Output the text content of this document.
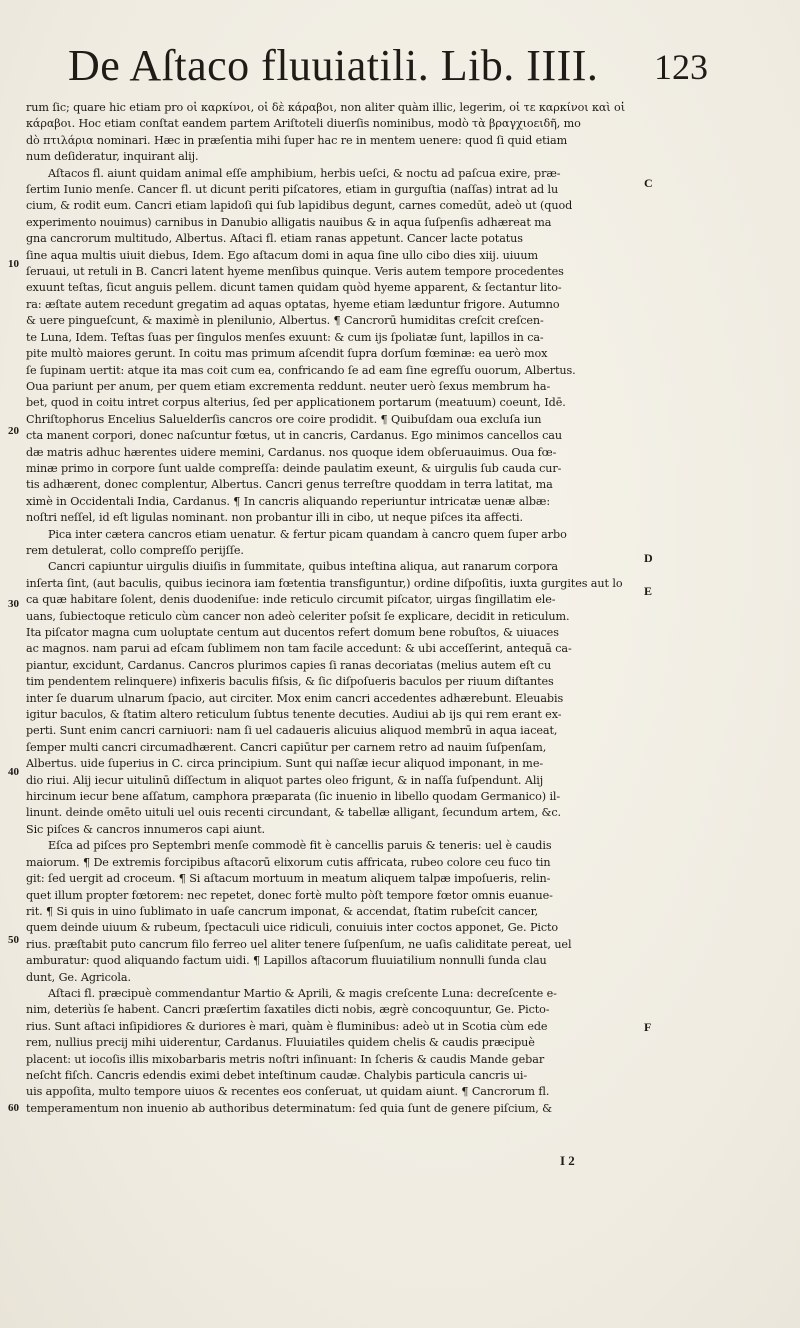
De Aſtaco fluuiatili. Lib. IIII. 123
10
20
30
40
50
60
C
D
E
F
rum ſic; quare hic etiam pro οἱ καρκίνοι, οἱ δὲ κάραβοι, non aliter quàm illic, legerim, οἱ τε καρκίνοι καὶ οἱ
κάραβοι. Hoc etiam conſtat eandem partem Ariſtoteli diuerſis nominibus, modò τὰ βραγχιοειδῆ, mo
dò πτιλάρια nominari. Hæc in præſentia mihi ſuper hac re in mentem uenere: quod ſi quid etiam
num deſideratur, inquirant alij.
Aſtacos fl. aiunt quidam animal eſſe amphibium, herbis ueſci, & noctu ad paſcua exire, præ-
ſertim Iunio menſe. Cancer fl. ut dicunt periti piſcatores, etiam in gurguſtia (naſſas) intrat ad lu
cium, & rodit eum. Cancri etiam lapidoſi qui ſub lapidibus degunt, carnes comedūt, adeò ut (quod
experimento nouimus) carnibus in Danubio alligatis nauibus & in aqua ſuſpenſis adhæreat ma
gna cancrorum multitudo, Albertus. Aſtaci fl. etiam ranas appetunt. Cancer lacte potatus
ſine aqua multis uiuit diebus, Idem. Ego aſtacum domi in aqua ſine ullo cibo dies xiij. uiuum
ſeruaui, ut retuli in B. Cancri latent hyeme menſibus quinque. Veris autem tempore procedentes
exuunt teſtas, ſicut anguis pellem. dicunt tamen quidam quòd hyeme apparent, & ſectantur lito-
ra: æſtate autem recedunt gregatim ad aquas optatas, hyeme etiam læduntur frigore. Autumno
& uere pingueſcunt, & maximè in plenilunio, Albertus. ¶ Cancrorū humiditas creſcit creſcen-
te Luna, Idem. Teſtas ſuas per ſingulos menſes exuunt: & cum ijs ſpoliatæ ſunt, lapillos in ca-
pite multò maiores gerunt. In coitu mas primum aſcendit ſupra dorſum fœminæ: ea uerò mox
ſe ſupinam uertit: atque ita mas coit cum ea, confricando ſe ad eam ſine egreſſu ouorum, Albertus.
Oua pariunt per anum, per quem etiam excrementa reddunt. neuter uerò ſexus membrum ha-
bet, quod in coitu intret corpus alterius, ſed per applicationem portarum (meatuum) coeunt, Idē.
Chriſtophorus Encelius Saluelderſis cancros ore coire prodidit. ¶ Quibuſdam oua excluſa iun
cta manent corpori, donec naſcuntur fœtus, ut in cancris, Cardanus. Ego minimos cancellos cau
dæ matris adhuc hærentes uidere memini, Cardanus. nos quoque idem obſeruauimus. Oua fœ-
minæ primo in corpore ſunt ualde compreſſa: deinde paulatim exeunt, & uirgulis ſub cauda cur-
tis adhærent, donec complentur, Albertus. Cancri genus terreſtre quoddam in terra latitat, ma
ximè in Occidentali India, Cardanus. ¶ In cancris aliquando reperiuntur intricatæ uenæ albæ:
noſtri neſſel, id eſt ligulas nominant. non probantur illi in cibo, ut neque piſces ita affecti.
Pica inter cætera cancros etiam uenatur. & fertur picam quandam à cancro quem ſuper arbo
rem detulerat, collo compreſſo perijſſe.
Cancri capiuntur uirgulis diuiſis in ſummitate, quibus inteſtina aliqua, aut ranarum corpora
inſerta ſint, (aut baculis, quibus iecinora iam fœtentia transfiguntur,) ordine diſpoſitis, iuxta gurgites aut lo
ca quæ habitare ſolent, denis duodeniſue: inde reticulo circumit piſcator, uirgas ſingillatim ele-
uans, ſubiectoque reticulo cùm cancer non adeò celeriter poſsit ſe explicare, decidit in reticulum.
Ita piſcator magna cum uoluptate centum aut ducentos refert domum bene robuſtos, & uiuaces
ac magnos. nam parui ad eſcam ſublimem non tam facile accedunt: & ubi acceſſerint, antequā ca-
piantur, excidunt, Cardanus. Cancros plurimos capies ſi ranas decoriatas (melius autem eſt cu
tim pendentem relinquere) infixeris baculis fiſsis, & ſic diſpoſueris baculos per riuum diſtantes
inter ſe duarum ulnarum ſpacio, aut circiter. Mox enim cancri accedentes adhærebunt. Eleuabis
igitur baculos, & ſtatim altero reticulum ſubtus tenente decuties. Audiui ab ijs qui rem erant ex-
perti. Sunt enim cancri carniuori: nam ſi uel cadaueris alicuius aliquod membrū in aqua iaceat,
ſemper multi cancri circumadhærent. Cancri capiūtur per carnem retro ad nauim ſuſpenſam,
Albertus. uide ſuperius in C. circa principium. Sunt qui naſſæ iecur aliquod imponant, in me-
dio riui. Alij iecur uitulinū diſſectum in aliquot partes oleo frigunt, & in naſſa ſuſpendunt. Alij
hircinum iecur bene aſſatum, camphora præparata (ſic inuenio in libello quodam Germanico) il-
linunt. deinde omēto uituli uel ouis recenti circundant, & tabellæ alligant, ſecundum artem, &c.
Sic piſces & cancros innumeros capi aiunt.
Eſca ad piſces pro Septembri menſe commodè fit è cancellis paruis & teneris: uel è caudis
maiorum. ¶ De extremis forcipibus aſtacorū elixorum cutis affricata, rubeo colore ceu fuco tin
git: ſed uergit ad croceum. ¶ Si aſtacum mortuum in meatum aliquem talpæ impoſueris, relin-
quet illum propter fœtorem: nec repetet, donec fortè multo pòſt tempore fœtor omnis euanue-
rit. ¶ Si quis in uino ſublimato in uaſe cancrum imponat, & accendat, ſtatim rubeſcit cancer,
quem deinde uiuum & rubeum, ſpectaculi uice ridiculi, conuiuis inter coctos apponet, Ge. Picto
rius. præſtabit puto cancrum filo ferreo uel aliter tenere ſuſpenſum, ne uaſis caliditate pereat, uel
amburatur: quod aliquando factum uidi. ¶ Lapillos aſtacorum fluuiatilium nonnulli ſunda clau
dunt, Ge. Agricola.
Aſtaci fl. præcipuè commendantur Martio & Aprili, & magis creſcente Luna: decreſcente e-
nim, deteriùs ſe habent. Cancri præſertim ſaxatiles dicti nobis, ægrè concoquuntur, Ge. Picto-
rius. Sunt aſtaci inſipidiores & duriores è mari, quàm è fluminibus: adeò ut in Scotia cùm ede
rem, nullius precij mihi uiderentur, Cardanus. Fluuiatiles quidem chelis & caudis præcipuè
placent: ut iocoſis illis mixobarbaris metris noſtri inſinuant: In ſcheris & caudis Mande gebar
neſcht fiſch. Cancris edendis eximi debet inteſtinum caudæ. Chalybis particula cancris ui-
uis appoſita, multo tempore uiuos & recentes eos conſeruat, ut quidam aiunt. ¶ Cancrorum fl.
temperamentum non inuenio ab authoribus determinatum: ſed quia ſunt de genere piſcium, &
I 2
